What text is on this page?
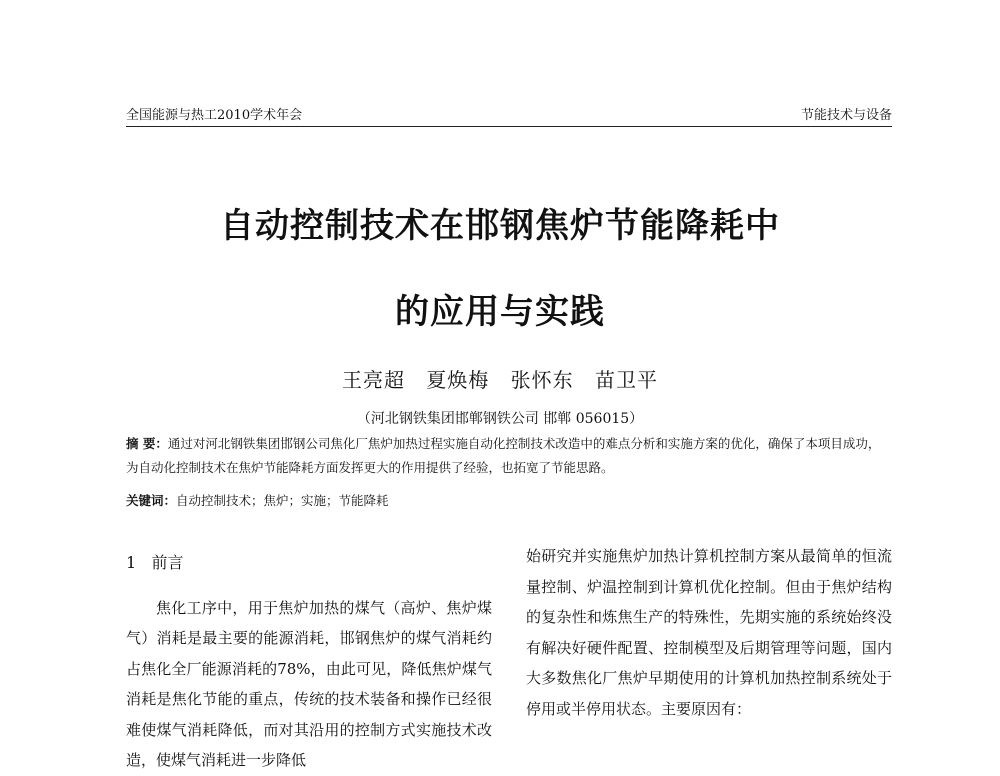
全国能源与热工2010学术年会	节能技术与设备
自动控制技术在邯钢焦炉节能降耗中
的应用与实践
王亮超 夏焕梅 张怀东 苗卫平
（河北钢铁集团邯郸钢铁公司 邯郸 056015）
摘 要：通过对河北钢铁集团邯钢公司焦化厂焦炉加热过程实施自动化控制技术改造中的难点分析和实施方案的优化，确保了本项目成功，为自动化控制技术在焦炉节能降耗方面发挥更大的作用提供了经验，也拓宽了节能思路。
关键词：自动控制技术；焦炉；实施；节能降耗
1 前言

焦化工序中，用于焦炉加热的煤气（高炉、焦炉煤气）消耗是最主要的能源消耗，邯钢焦炉的煤气消耗约占焦化全厂能源消耗的78%，由此可见，降低焦炉煤气消耗是焦化节能的重点，传统的技术装备和操作已经很难使煤气消耗降低，而对其沿用的控制方式实施技术改造，使煤气消耗进一步降低

始研究并实施焦炉加热计算机控制方案从最简单的恒流量控制、炉温控制到计算机优化控制。但由于焦炉结构的复杂性和炼焦生产的特殊性，先期实施的系统始终没有解决好硬件配置、控制模型及后期管理等问题，国内大多数焦化厂焦炉早期使用的计算机加热控制系统处于停用或半停用状态。主要原因有：
